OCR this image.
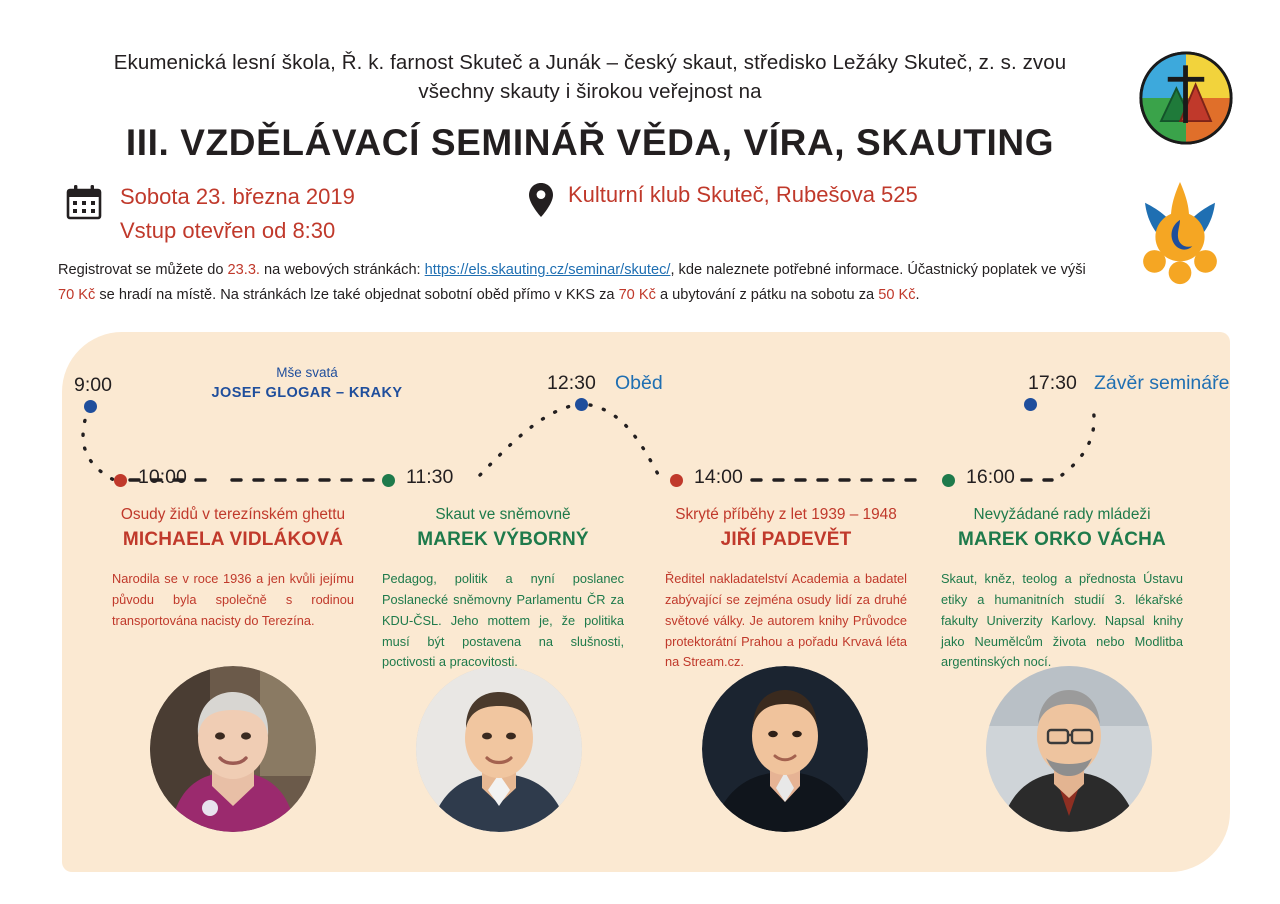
Ekumenická lesní škola, Ř. k. farnost Skuteč a Junák – český skaut, středisko Ležáky Skuteč, z. s. zvou všechny skauty i širokou veřejnost na
III. VZDĚLÁVACÍ SEMINÁŘ VĚDA, VÍRA, SKAUTING
Sobota 23. března 2019
Vstup otevřen od 8:30
Kulturní klub Skuteč, Rubešova 525
Registrovat se můžete do 23.3. na webových stránkách: https://els.skauting.cz/seminar/skutec/, kde naleznete potřebné informace. Účastnický poplatek ve výši 70 Kč se hradí na místě. Na stránkách lze také objednat sobotní oběd přímo v KKS za 70 Kč a ubytování z pátku na sobotu za 50 Kč.
9:00
Mše svatá
JOSEF GLOGAR – KRAKY
10:00	11:30
12:30 Oběd
14:00	16:00
17:30 Závěr semináře
Osudy židů v terezínském ghettu
MICHAELA VIDLÁKOVÁ
Narodila se v roce 1936 a jen kvůli jejímu původu byla společně s rodinou transportována nacisty do Terezína.
Skaut ve sněmovně
MAREK VÝBORNÝ
Pedagog, politik a nyní poslanec Poslanecké sněmovny Parlamentu ČR za KDU-ČSL. Jeho mottem je, že politika musí být postavena na slušnosti, poctivosti a pracovitosti.
Skryté příběhy z let 1939 – 1948
JIŘÍ PADEVĚT
Ředitel nakladatelství Academia a badatel zabývající se zejména osudy lidí za druhé světové války. Je autorem knihy Průvodce protektorátní Prahou a pořadu Krvavá léta na Stream.cz.
Nevyžádané rady mládeži
MAREK ORKO VÁCHA
Skaut, kněz, teolog a přednosta Ústavu etiky a humanitních studií 3. lékařské fakulty Univerzity Karlovy. Napsal knihy jako Neumělcům života nebo Modlitba argentinských nocí.
